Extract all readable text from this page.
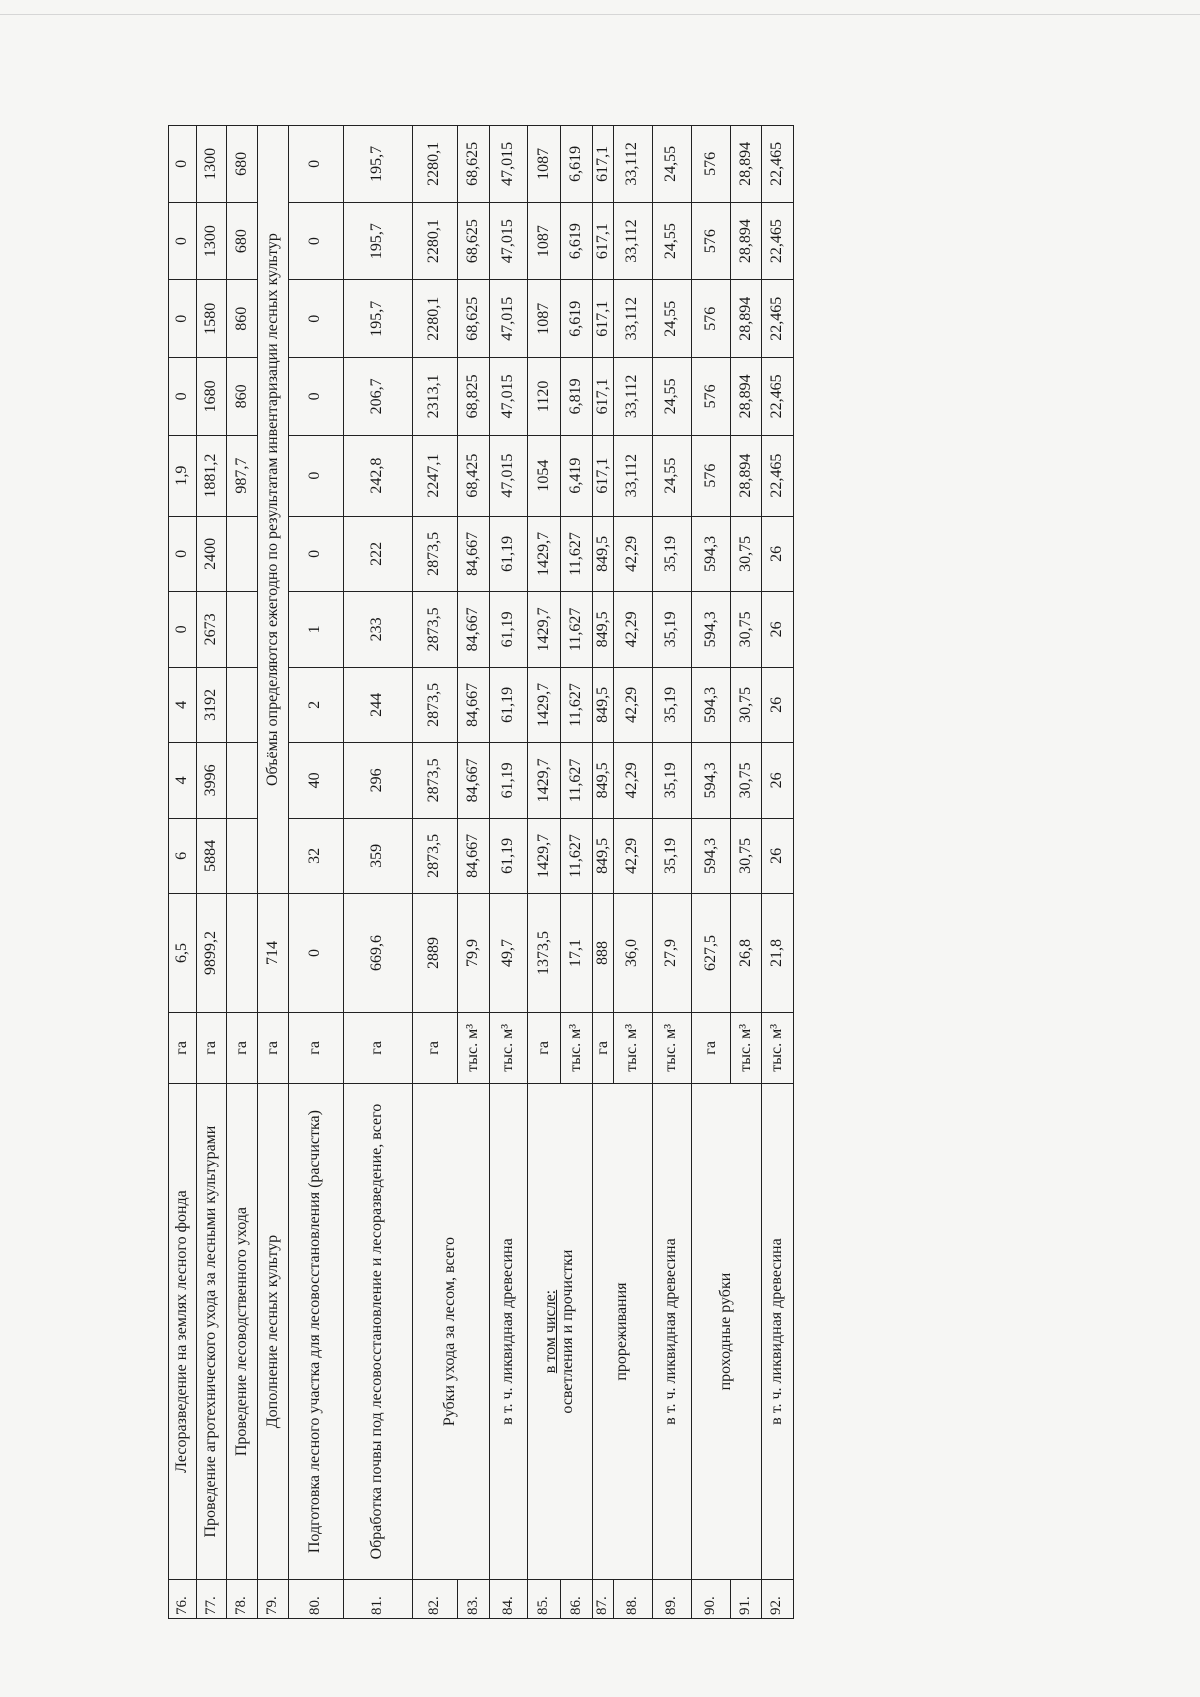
76.	Лесоразведение на землях лесного фонда	га	6,5	6	4	4	0	0	1,9	0	0	0	0
77.	Проведение агротехнического ухода за лесными культурами	га	9899,2	5884	3996	3192	2673	2400	1881,2	1680	1580	1300	1300
78.	Проведение лесоводственного ухода	га							987,7	860	860	680	680
79.	Дополнение лесных культур	га	714	Объёмы определяются ежегодно по результатам инвентаризации лесных культур									
80.	Подготовка лесного участка для лесовосстановления (расчистка)	га	0	32	40	2	1	0	0	0	0	0	0
81.	Обработка почвы под лесовосстановление и лесоразведение, всего	га	669,6	359	296	244	233	222	242,8	206,7	195,7	195,7	195,7
82.	Рубки ухода за лесом, всего	га	2889	2873,5	2873,5	2873,5	2873,5	2873,5	2247,1	2313,1	2280,1	2280,1	2280,1
83.		тыс. м³	79,9	84,667	84,667	84,667	84,667	84,667	68,425	68,825	68,625	68,625	68,625
84.	в т. ч. ликвидная древесина	тыс. м³	49,7	61,19	61,19	61,19	61,19	61,19	47,015	47,015	47,015	47,015	47,015
85.	в том числе: осветления и прочистки	га	1373,5	1429,7	1429,7	1429,7	1429,7	1429,7	1054	1120	1087	1087	1087
86.		тыс. м³	17,1	11,627	11,627	11,627	11,627	11,627	6,419	6,819	6,619	6,619	6,619
87.	прореживания	га	888	849,5	849,5	849,5	849,5	849,5	617,1	617,1	617,1	617,1	617,1
88.		тыс. м³	36,0	42,29	42,29	42,29	42,29	42,29	33,112	33,112	33,112	33,112	33,112
89.	в т. ч. ликвидная древесина	тыс. м³	27,9	35,19	35,19	35,19	35,19	35,19	24,55	24,55	24,55	24,55	24,55
90.	проходные рубки	га	627,5	594,3	594,3	594,3	594,3	594,3	576	576	576	576	576
91.		тыс. м³	26,8	30,75	30,75	30,75	30,75	30,75	28,894	28,894	28,894	28,894	28,894
92.	в т. ч. ликвидная древесина	тыс. м³	21,8	26	26	26	26	26	22,465	22,465	22,465	22,465	22,465
